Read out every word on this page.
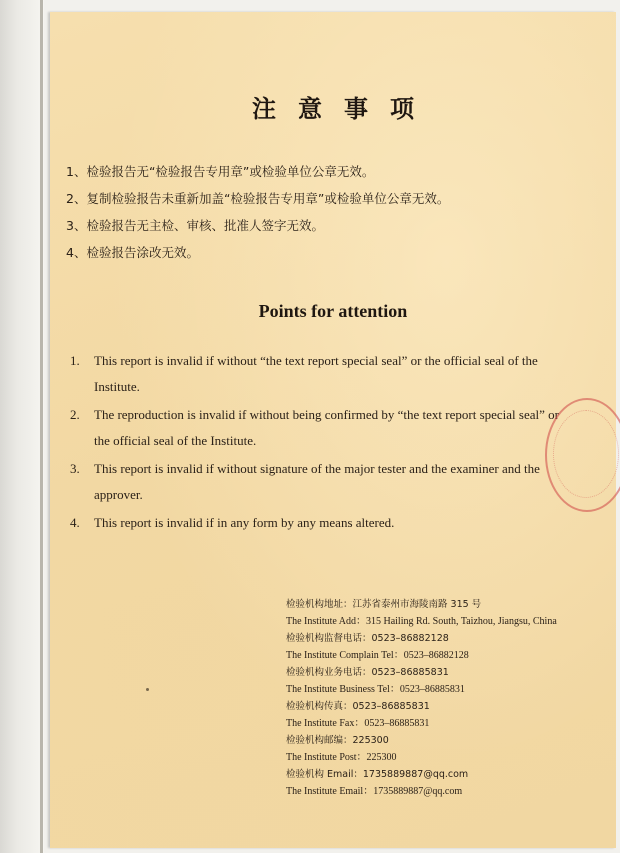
注意事项
1、检验报告无“检验报告专用章”或检验单位公章无效。
2、复制检验报告未重新加盖“检验报告专用章”或检验单位公章无效。
3、检验报告无主检、审核、批准人签字无效。
4、检验报告涂改无效。
Points for attention
1.	This report is invalid if without “the text report special seal” or the official seal of the Institute.
2.	The reproduction is invalid if without being confirmed by “the text report special seal” or the official seal of the Institute.
3.	This report is invalid if without signature of the major tester and the examiner and the approver.
4.	This report is invalid if in any form by any means altered.
检验机构地址：江苏省泰州市海陵南路 315 号
The Institute Add：315 Hailing Rd. South, Taizhou, Jiangsu, China
检验机构监督电话：0523–86882128
The Institute Complain Tel：0523–86882128
检验机构业务电话：0523–86885831
The Institute Business Tel：0523–86885831
检验机构传真：0523–86885831
The Institute Fax：0523–86885831
检验机构邮编：225300
The Institute Post：225300
检验机构 Email：1735889887@qq.com
The Institute Email：1735889887@qq.com
